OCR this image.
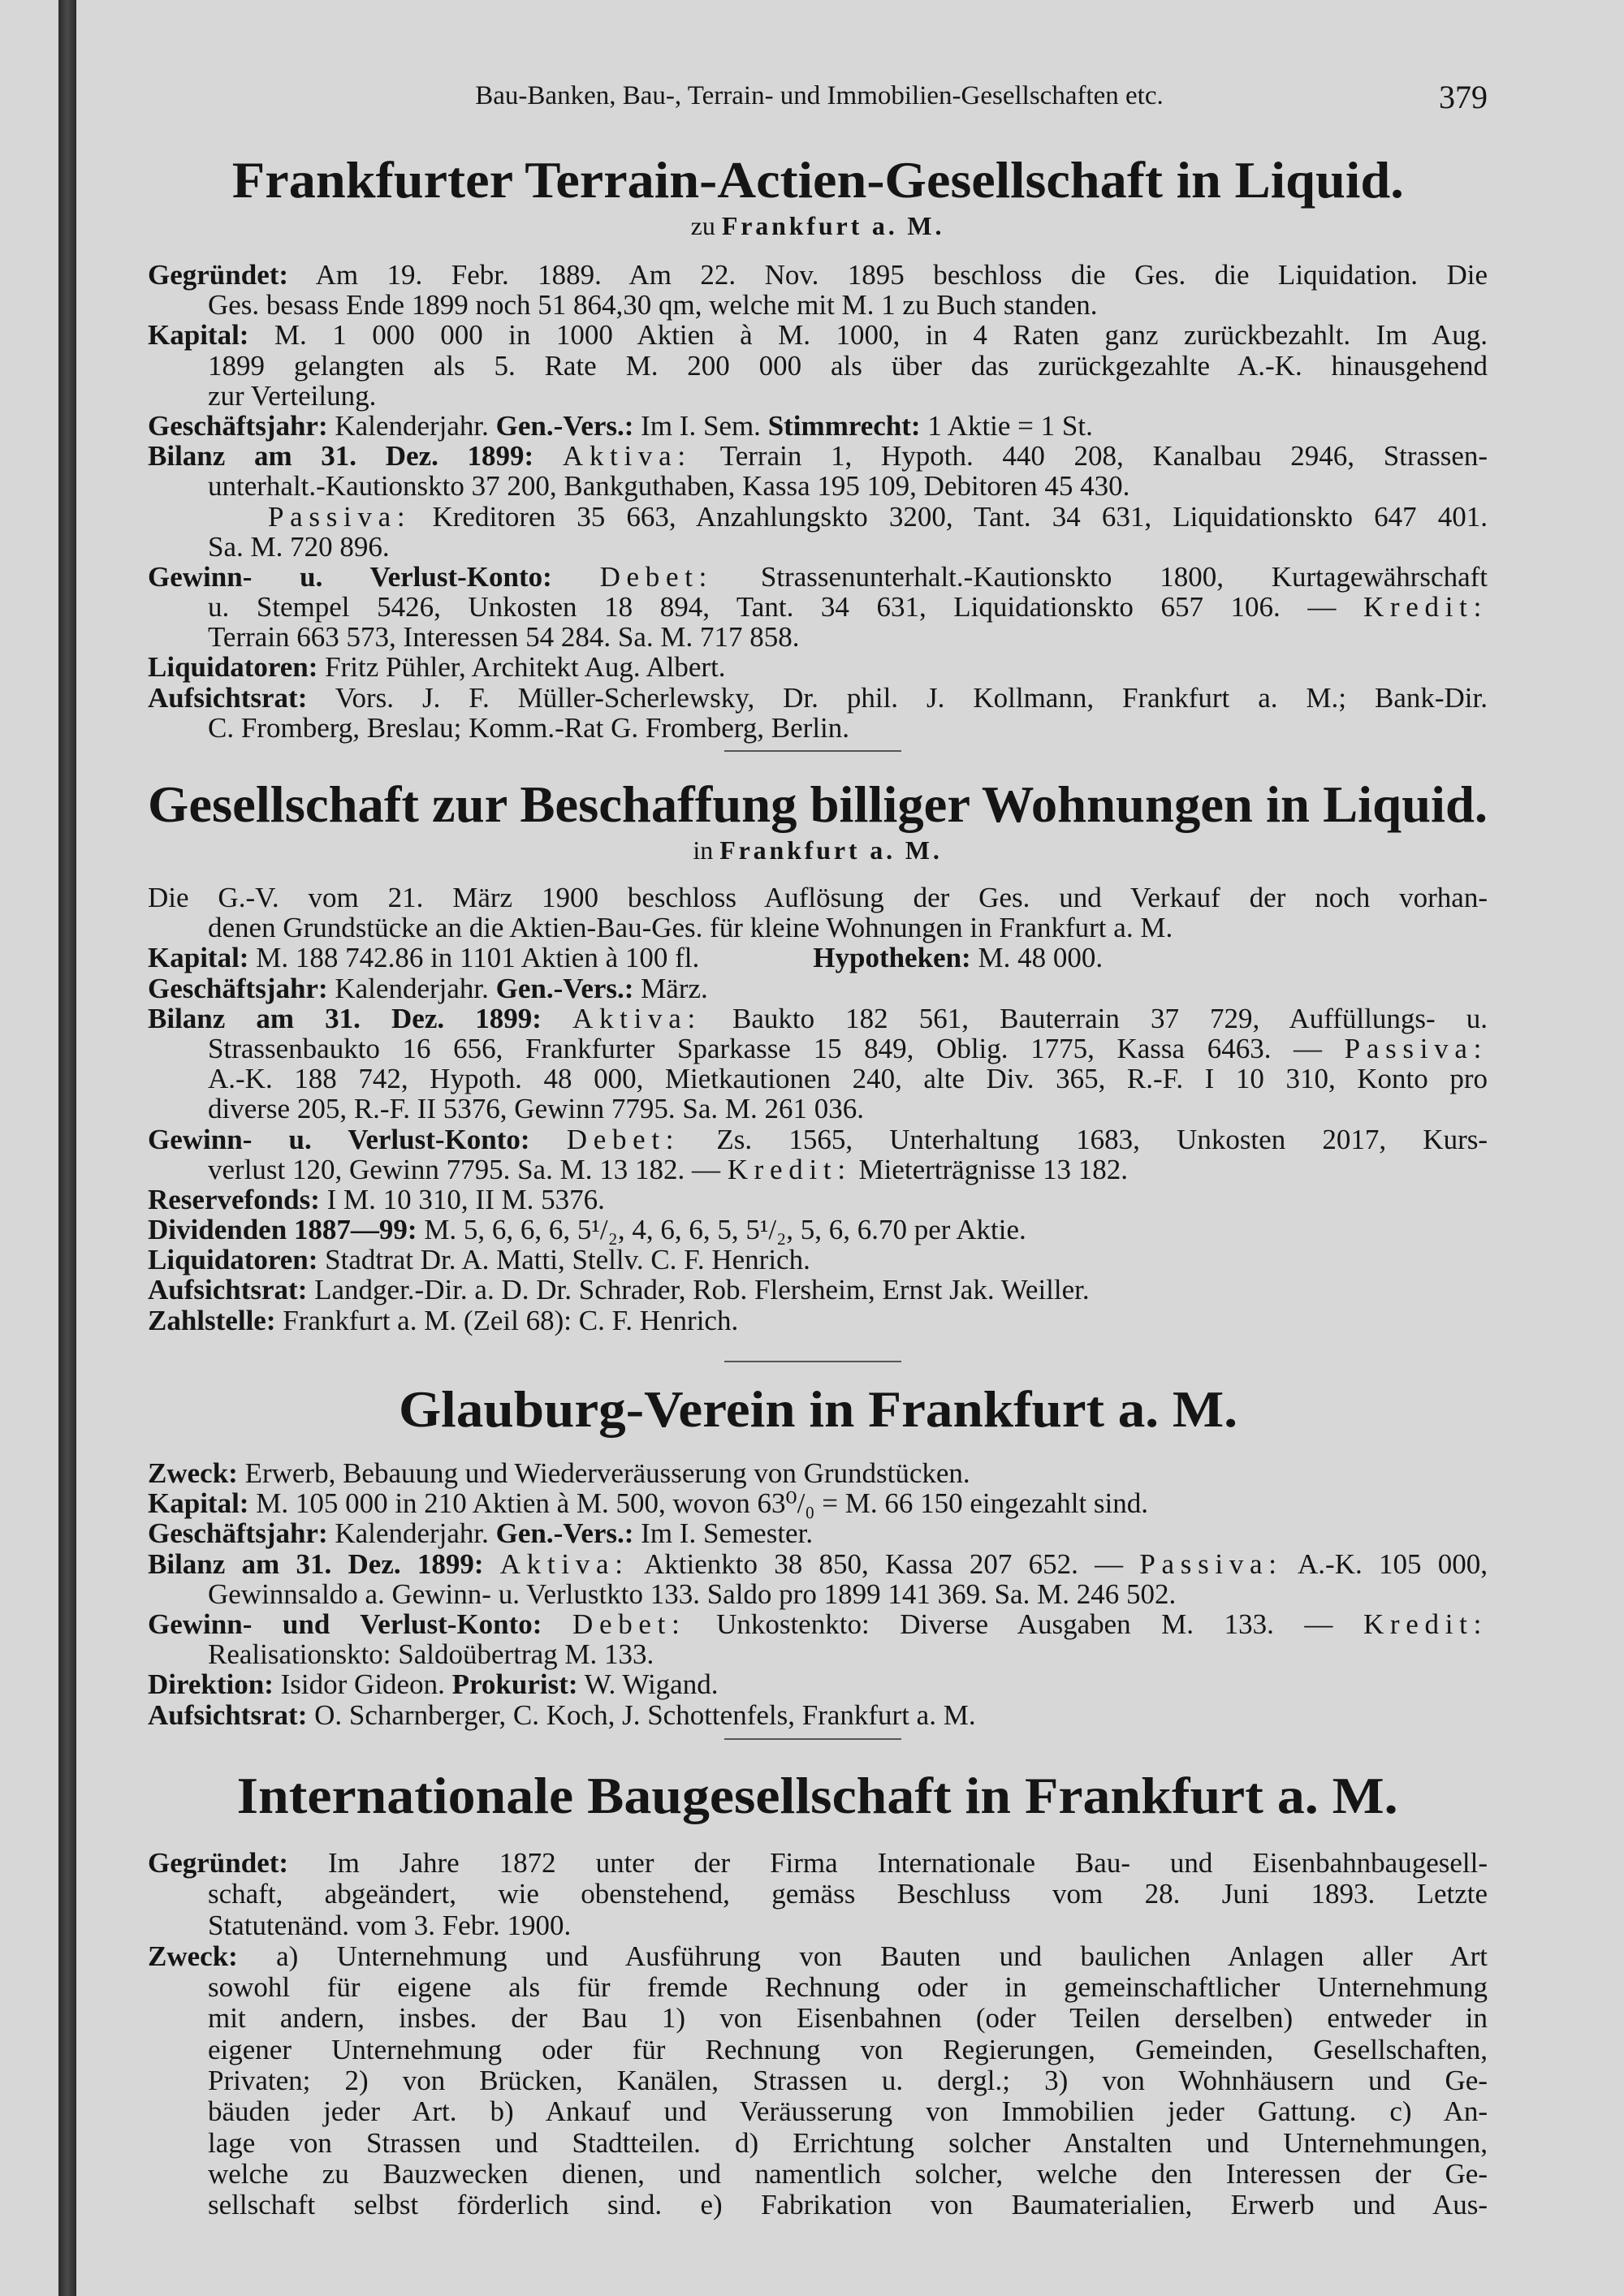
Bau-Banken, Bau-, Terrain- und Immobilien-Gesellschaften etc.	379
Frankfurter Terrain-Actien-Gesellschaft in Liquid.
zu Frankfurt a. M.
Gegründet: Am 19. Febr. 1889. Am 22. Nov. 1895 beschloss die Ges. die Liquidation. Die
Ges. besass Ende 1899 noch 51 864,30 qm, welche mit M. 1 zu Buch standen.
Kapital: M. 1 000 000 in 1000 Aktien à M. 1000, in 4 Raten ganz zurückbezahlt. Im Aug.
1899 gelangten als 5. Rate M. 200 000 als über das zurückgezahlte A.-K. hinausgehend
zur Verteilung.
Geschäftsjahr: Kalenderjahr. Gen.-Vers.: Im I. Sem. Stimmrecht: 1 Aktie = 1 St.
Bilanz am 31. Dez. 1899: Aktiva: Terrain 1, Hypoth. 440 208, Kanalbau 2946, Strassen-
unterhalt.-Kautionskto 37 200, Bankguthaben, Kassa 195 109, Debitoren 45 430.
Passiva: Kreditoren 35 663, Anzahlungskto 3200, Tant. 34 631, Liquidationskto 647 401.
Sa. M. 720 896.
Gewinn- u. Verlust-Konto: Debet: Strassenunterhalt.-Kautionskto 1800, Kurtagewährschaft
u. Stempel 5426, Unkosten 18 894, Tant. 34 631, Liquidationskto 657 106. — Kredit:
Terrain 663 573, Interessen 54 284. Sa. M. 717 858.
Liquidatoren: Fritz Pühler, Architekt Aug. Albert.
Aufsichtsrat: Vors. J. F. Müller-Scherlewsky, Dr. phil. J. Kollmann, Frankfurt a. M.; Bank-Dir.
C. Fromberg, Breslau; Komm.-Rat G. Fromberg, Berlin.
Gesellschaft zur Beschaffung billiger Wohnungen in Liquid.
in Frankfurt a. M.
Die G.-V. vom 21. März 1900 beschloss Auflösung der Ges. und Verkauf der noch vorhan-
denen Grundstücke an die Aktien-Bau-Ges. für kleine Wohnungen in Frankfurt a. M.
Kapital: M. 188 742.86 in 1101 Aktien à 100 fl.    Hypotheken: M. 48 000.
Geschäftsjahr: Kalenderjahr. Gen.-Vers.: März.
Bilanz am 31. Dez. 1899: Aktiva: Baukto 182 561, Bauterrain 37 729, Auffüllungs- u.
Strassenbaukto 16 656, Frankfurter Sparkasse 15 849, Oblig. 1775, Kassa 6463. — Passiva:
A.-K. 188 742, Hypoth. 48 000, Mietkautionen 240, alte Div. 365, R.-F. I 10 310, Konto pro
diverse 205, R.-F. II 5376, Gewinn 7795. Sa. M. 261 036.
Gewinn- u. Verlust-Konto: Debet: Zs. 1565, Unterhaltung 1683, Unkosten 2017, Kurs-
verlust 120, Gewinn 7795. Sa. M. 13 182. — Kredit: Mieterträgnisse 13 182.
Reservefonds: I M. 10 310, II M. 5376.
Dividenden 1887—99: M. 5, 6, 6, 6, 5¹/₂, 4, 6, 6, 5, 5¹/₂, 5, 6, 6.70 per Aktie.
Liquidatoren: Stadtrat Dr. A. Matti, Stellv. C. F. Henrich.
Aufsichtsrat: Landger.-Dir. a. D. Dr. Schrader, Rob. Flersheim, Ernst Jak. Weiller.
Zahlstelle: Frankfurt a. M. (Zeil 68): C. F. Henrich.
Glauburg-Verein in Frankfurt a. M.
Zweck: Erwerb, Bebauung und Wiederveräusserung von Grundstücken.
Kapital: M. 105 000 in 210 Aktien à M. 500, wovon 63⁰/₀ = M. 66 150 eingezahlt sind.
Geschäftsjahr: Kalenderjahr. Gen.-Vers.: Im I. Semester.
Bilanz am 31. Dez. 1899: Aktiva: Aktienkto 38 850, Kassa 207 652. — Passiva: A.-K. 105 000,
Gewinnsaldo a. Gewinn- u. Verlustkto 133. Saldo pro 1899 141 369. Sa. M. 246 502.
Gewinn- und Verlust-Konto: Debet: Unkostenkto: Diverse Ausgaben M. 133. — Kredit:
Realisationskto: Saldoübertrag M. 133.
Direktion: Isidor Gideon. Prokurist: W. Wigand.
Aufsichtsrat: O. Scharnberger, C. Koch, J. Schottenfels, Frankfurt a. M.
Internationale Baugesellschaft in Frankfurt a. M.
Gegründet: Im Jahre 1872 unter der Firma Internationale Bau- und Eisenbahnbaugesell-
schaft, abgeändert, wie obenstehend, gemäss Beschluss vom 28. Juni 1893. Letzte
Statutenänd. vom 3. Febr. 1900.
Zweck: a) Unternehmung und Ausführung von Bauten und baulichen Anlagen aller Art
sowohl für eigene als für fremde Rechnung oder in gemeinschaftlicher Unternehmung
mit andern, insbes. der Bau 1) von Eisenbahnen (oder Teilen derselben) entweder in
eigener Unternehmung oder für Rechnung von Regierungen, Gemeinden, Gesellschaften,
Privaten; 2) von Brücken, Kanälen, Strassen u. dergl.; 3) von Wohnhäusern und Ge-
bäuden jeder Art. b) Ankauf und Veräusserung von Immobilien jeder Gattung. c) An-
lage von Strassen und Stadtteilen. d) Errichtung solcher Anstalten und Unternehmungen,
welche zu Bauzwecken dienen, und namentlich solcher, welche den Interessen der Ge-
sellschaft selbst förderlich sind. e) Fabrikation von Baumaterialien, Erwerb und Aus-
